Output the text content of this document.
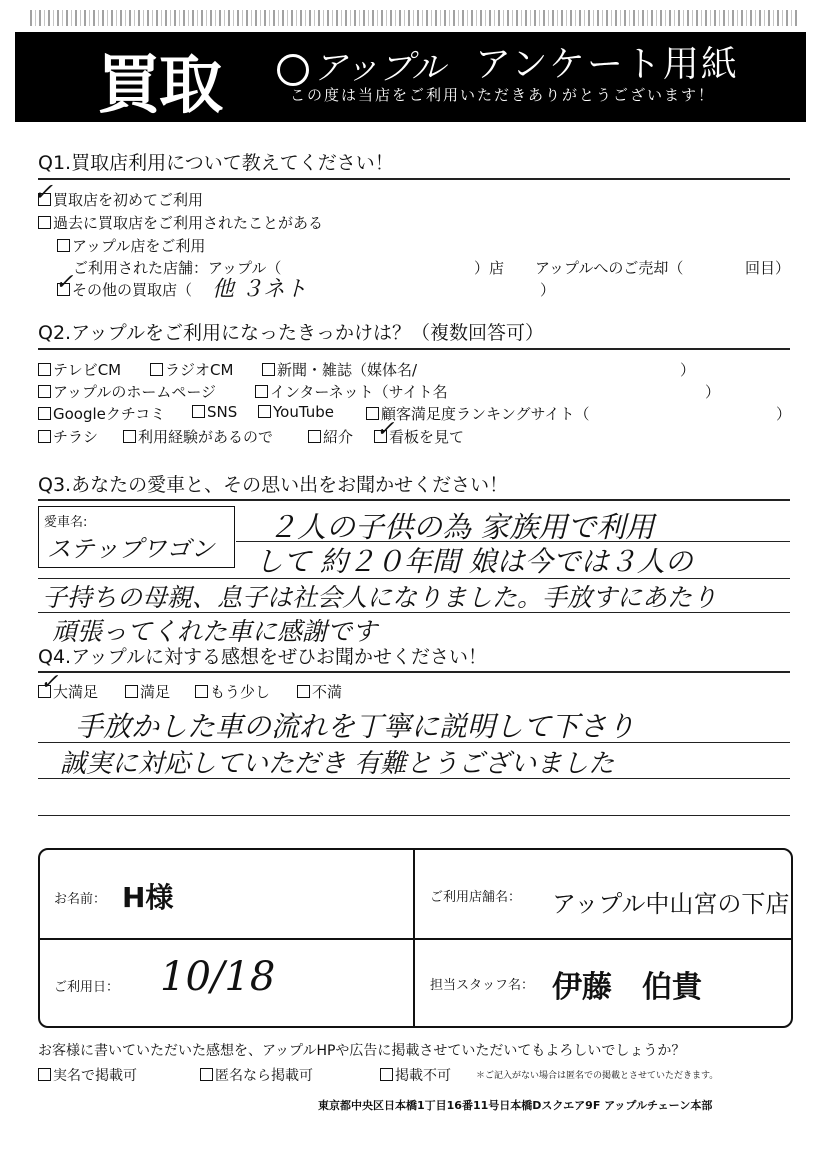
買取	アップル アンケート用紙
この度は当店をご利用いただきありがとうございます！
Q1.買取店利用について教えてください！
買取店を初めてご利用
✓
過去に買取店をご利用されたことがある
アップル店をご利用
ご利用された店舗：アップル（	）店 アップルへのご売却（	回目）
その他の買取店（
✓	他 ３ネト	）
Q2.アップルをご利用になったきっかけは？（複数回答可）
テレビCM	ラジオCM	新聞・雑誌（媒体名/	）
アップルのホームページ	インターネット（サイト名	）
Googleクチコミ	SNS	YouTube	顧客満足度ランキングサイト（	）
チラシ	利用経験があるので	紹介	看板を見て
✓
Q3.あなたの愛車と、その思い出をお聞かせください！
愛車名:
ステップワゴン
２人の子供の為 家族用で利用
して 約２０年間 娘は今では３人の
子持ちの母親、息子は社会人になりました。手放すにあたり
頑張ってくれた車に感謝です
Q4.アップルに対する感想をぜひお聞かせください！
大満足
✓	満足	もう少し	不満
手放かした車の流れを丁寧に説明して下さり
誠実に対応していただき 有難とうございました
お名前： H様	ご利用店舗名： アップル中山宮の下店
ご利用日： 10/18	担当スタッフ名： 伊藤　伯貴
お客様に書いていただいた感想を、アップルHPや広告に掲載させていただいてもよろしいでしょうか？
実名で掲載可	匿名なら掲載可	掲載不可	＊ご記入がない場合は匿名での掲載とさせていただきます。
東京都中央区日本橋1丁目16番11号日本橋Dスクエア9F アップルチェーン本部
